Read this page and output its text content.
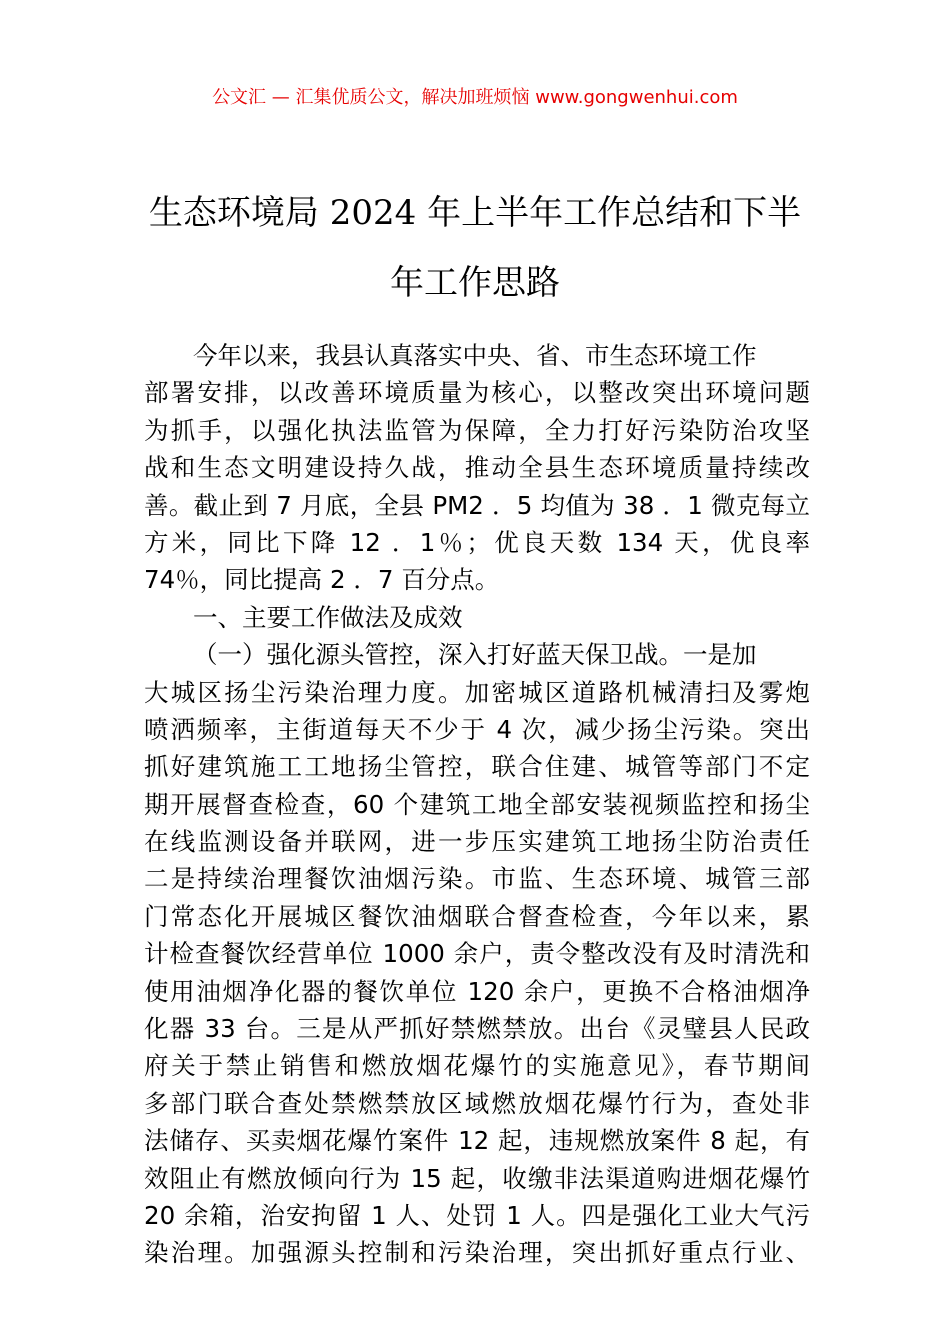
公文汇 — 汇集优质公文，解决加班烦恼 www.gongwenhui.com
生态环境局 2024 年上半年工作总结和下半
年工作思路
今年以来，我县认真落实中央、省、市生态环境工作
部署安排，以改善环境质量为核心，以整改突出环境问题
为抓手，以强化执法监管为保障，全力打好污染防治攻坚
战和生态文明建设持久战，推动全县生态环境质量持续改
善。截止到 7 月底，全县 PM2 ．5 均值为 38 ．1 微克每立
方米，同比下降 12 ．1％；优良天数 134 天，优良率
74％，同比提高 2 ．7 百分点。
一、主要工作做法及成效
（一）强化源头管控，深入打好蓝天保卫战。一是加
大城区扬尘污染治理力度。加密城区道路机械清扫及雾炮
喷洒频率，主街道每天不少于 4 次，减少扬尘污染。突出
抓好建筑施工工地扬尘管控，联合住建、城管等部门不定
期开展督查检查，60 个建筑工地全部安装视频监控和扬尘
在线监测设备并联网，进一步压实建筑工地扬尘防治责任
二是持续治理餐饮油烟污染。市监、生态环境、城管三部
门常态化开展城区餐饮油烟联合督查检查，今年以来，累
计检查餐饮经营单位 1000 余户，责令整改没有及时清洗和
使用油烟净化器的餐饮单位 120 余户，更换不合格油烟净
化器 33 台。三是从严抓好禁燃禁放。出台《灵璧县人民政
府关于禁止销售和燃放烟花爆竹的实施意见》，春节期间
多部门联合查处禁燃禁放区域燃放烟花爆竹行为，查处非
法储存、买卖烟花爆竹案件 12 起，违规燃放案件 8 起，有
效阻止有燃放倾向行为 15 起，收缴非法渠道购进烟花爆竹
20 余箱，治安拘留 1 人、处罚 1 人。四是强化工业大气污
染治理。加强源头控制和污染治理，突出抓好重点行业、
